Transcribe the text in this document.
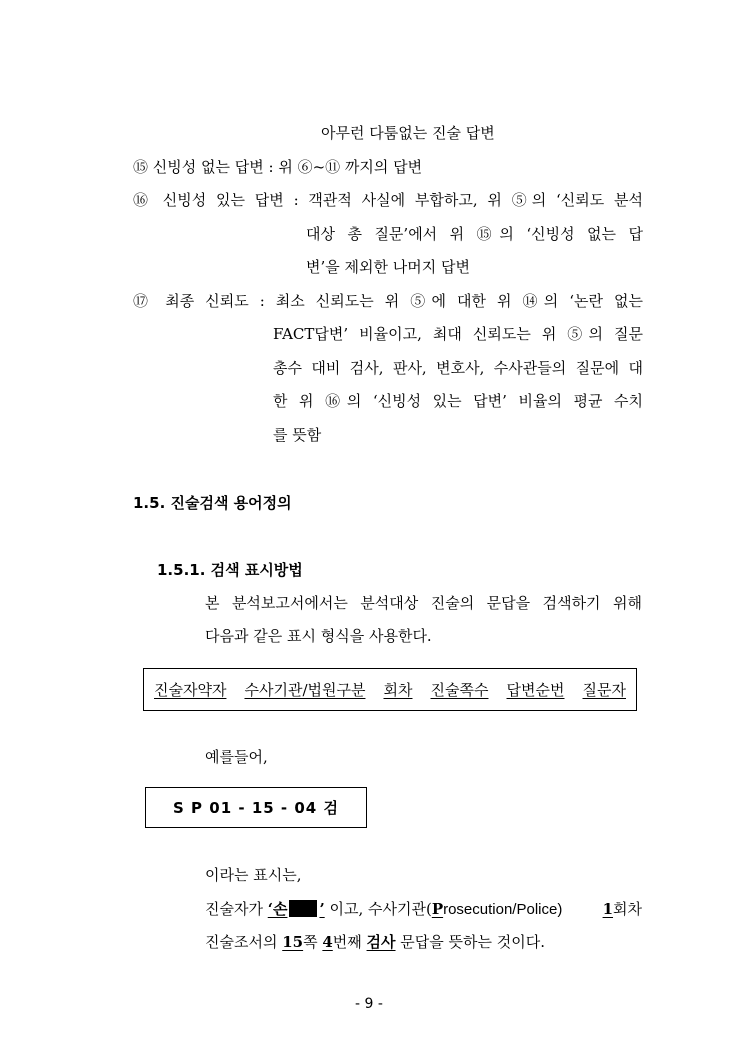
아무런 다툼없는 진술 답변
⑮ 신빙성 없는 답변 : 위 ⑥~⑪ 까지의 답변
⑯ 신빙성 있는 답변 : 객관적 사실에 부합하고, 위 ⑤의 ‘신뢰도 분석
대상 총 질문’에서 위 ⑮의 ‘신빙성 없는 답
변’을 제외한 나머지 답변
⑰ 최종 신뢰도 : 최소 신뢰도는 위 ⑤에 대한 위 ⑭의 ‘논란 없는
FACT답변’ 비율이고, 최대 신뢰도는 위 ⑤의 질문
총수 대비 검사, 판사, 변호사, 수사관들의 질문에 대
한 위 ⑯의 ‘신빙성 있는 답변’ 비율의 평균 수치
를 뜻함
1.5. 진술검색 용어정의
1.5.1. 검색 표시방법
본 분석보고서에서는 분석대상 진술의 문답을 검색하기 위해
다음과 같은 표시 형식을 사용한다.
진술자약자 수사기관/법원구분 회차 진술쪽수 답변순번 질문자
예를들어,
S P 01 - 15 - 04 검
이라는 표시는,
진술자가 ‘손 ’ 이고, 수사기관(Prosecution/Police)	1회차
진술조서의 15쪽 4번째 검사 문답을 뜻하는 것이다.
- 9 -
